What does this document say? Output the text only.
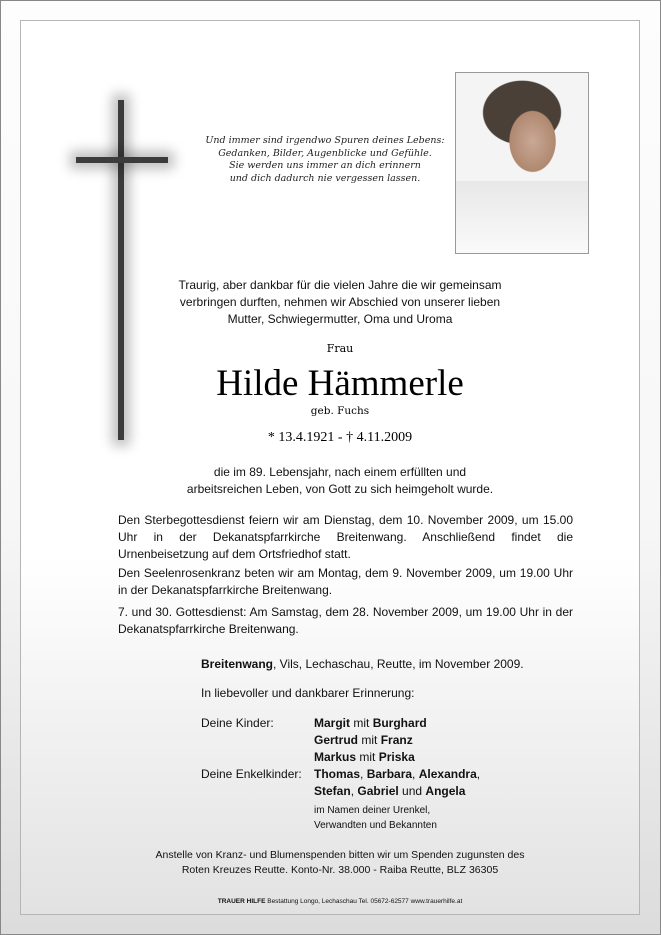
Und immer sind irgendwo Spuren deines Lebens:
Gedanken, Bilder, Augenblicke und Gefühle.
Sie werden uns immer an dich erinnern
und dich dadurch nie vergessen lassen.
Traurig, aber dankbar für die vielen Jahre die wir gemeinsam
verbringen durften, nehmen wir Abschied von unserer lieben
Mutter, Schwiegermutter, Oma und Uroma
Frau
Hilde Hämmerle
geb. Fuchs
* 13.4.1921 - † 4.11.2009
die im 89. Lebensjahr, nach einem erfüllten und
arbeitsreichen Leben, von Gott zu sich heimgeholt wurde.
Den Sterbegottesdienst feiern wir am Dienstag, dem 10. November 2009, um 15.00 Uhr in der Dekanatspfarrkirche Breitenwang. Anschließend findet die Urnenbeisetzung auf dem Ortsfriedhof statt.
Den Seelenrosenkranz beten wir am Montag, dem 9. November 2009, um 19.00 Uhr in der Dekanatspfarrkirche Breitenwang.
7. und 30. Gottesdienst: Am Samstag, dem 28. November 2009, um 19.00 Uhr in der Dekanatspfarrkirche Breitenwang.
Breitenwang, Vils, Lechaschau, Reutte, im November 2009.
In liebevoller und dankbarer Erinnerung:
Deine Kinder:	Margit mit Burghard
Gertrud mit Franz
Markus mit Priska
Deine Enkelkinder:	Thomas, Barbara, Alexandra,
Stefan, Gabriel und Angela
im Namen deiner Urenkel,
Verwandten und Bekannten
Anstelle von Kranz- und Blumenspenden bitten wir um Spenden zugunsten des
Roten Kreuzes Reutte. Konto-Nr. 38.000 - Raiba Reutte, BLZ 36305
TRAUER HILFE Bestattung Longo, Lechaschau Tel. 05672-62577 www.trauerhilfe.at
